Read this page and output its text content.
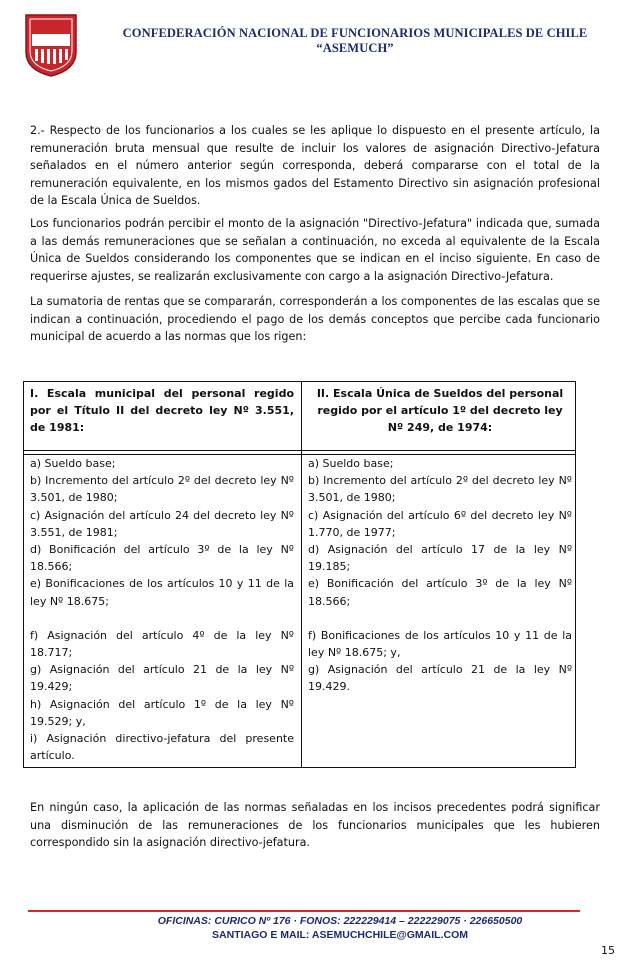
CONFEDERACIÓN NACIONAL DE FUNCIONARIOS MUNICIPALES DE CHILE
“ASEMUCH”

2.- Respecto de los funcionarios a los cuales se les aplique lo dispuesto en el presente artículo, la remuneración bruta mensual que resulte de incluir los valores de asignación Directivo-Jefatura señalados en el número anterior según corresponda, deberá compararse con el total de la remuneración equivalente, en los mismos gados del Estamento Directivo sin asignación profesional de la Escala Única de Sueldos.

Los funcionarios podrán percibir el monto de la asignación "Directivo-Jefatura" indicada que, sumada a las demás remuneraciones que se señalan a continuación, no exceda al equivalente de la Escala Única de Sueldos considerando los componentes que se indican en el inciso siguiente. En caso de requerirse ajustes, se realizarán exclusivamente con cargo a la asignación Directivo-Jefatura.

La sumatoria de rentas que se compararán, corresponderán a los componentes de las escalas que se indican a continuación, procediendo el pago de los demás conceptos que percibe cada funcionario municipal de acuerdo a las normas que los rigen:

I. Escala municipal del personal regido por el Título II del decreto ley Nº 3.551, de 1981:
II. Escala Única de Sueldos del personal regido por el artículo 1º del decreto ley Nº 249, de 1974:
a) Sueldo base;
b) Incremento del artículo 2º del decreto ley Nº 3.501, de 1980;
c) Asignación del artículo 24 del decreto ley Nº 3.551, de 1981;
d) Bonificación del artículo 3º de la ley Nº 18.566;
e) Bonificaciones de los artículos 10 y 11 de la ley Nº 18.675;
f) Asignación del artículo 4º de la ley Nº 18.717;
g) Asignación del artículo 21 de la ley Nº 19.429;
h) Asignación del artículo 1º de la ley Nº 19.529; y,
i) Asignación directivo-jefatura del presente artículo.
a) Sueldo base;
b) Incremento del artículo 2º del decreto ley Nº 3.501, de 1980;
c) Asignación del artículo 6º del decreto ley Nº 1.770, de 1977;
d) Asignación del artículo 17 de la ley Nº 19.185;
e) Bonificación del artículo 3º de la ley Nº 18.566;
f) Bonificaciones de los artículos 10 y 11 de la ley Nº 18.675; y,
g) Asignación del artículo 21 de la ley Nº 19.429.

En ningún caso, la aplicación de las normas señaladas en los incisos precedentes podrá significar una disminución de las remuneraciones de los funcionarios municipales que les hubieren correspondido sin la asignación directivo-jefatura.

OFICINAS: CURICO Nº 176 · FONOS: 222229414 – 222229075 · 226650500
SANTIAGO E MAIL: ASEMUCHCHILE@GMAIL.COM
15
